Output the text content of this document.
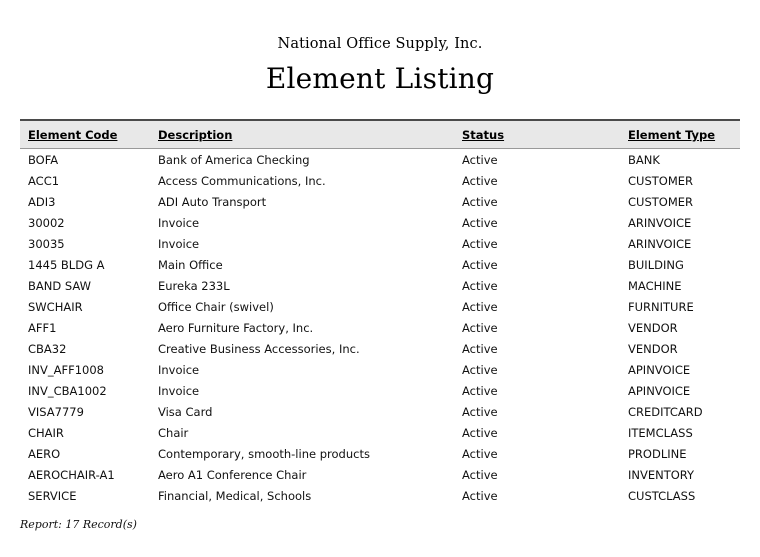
National Office Supply, Inc.
Element Listing
Element Code	Description	Status	Element Type
BOFA	Bank of America Checking	Active	BANK
ACC1	Access Communications, Inc.	Active	CUSTOMER
ADI3	ADI Auto Transport	Active	CUSTOMER
30002	Invoice	Active	ARINVOICE
30035	Invoice	Active	ARINVOICE
1445 BLDG A	Main Office	Active	BUILDING
BAND SAW	Eureka 233L	Active	MACHINE
SWCHAIR	Office Chair (swivel)	Active	FURNITURE
AFF1	Aero Furniture Factory, Inc.	Active	VENDOR
CBA32	Creative Business Accessories, Inc.	Active	VENDOR
INV_AFF1008	Invoice	Active	APINVOICE
INV_CBA1002	Invoice	Active	APINVOICE
VISA7779	Visa Card	Active	CREDITCARD
CHAIR	Chair	Active	ITEMCLASS
AERO	Contemporary, smooth-line products	Active	PRODLINE
AEROCHAIR-A1	Aero A1 Conference Chair	Active	INVENTORY
SERVICE	Financial, Medical, Schools	Active	CUSTCLASS
Report: 17 Record(s)
